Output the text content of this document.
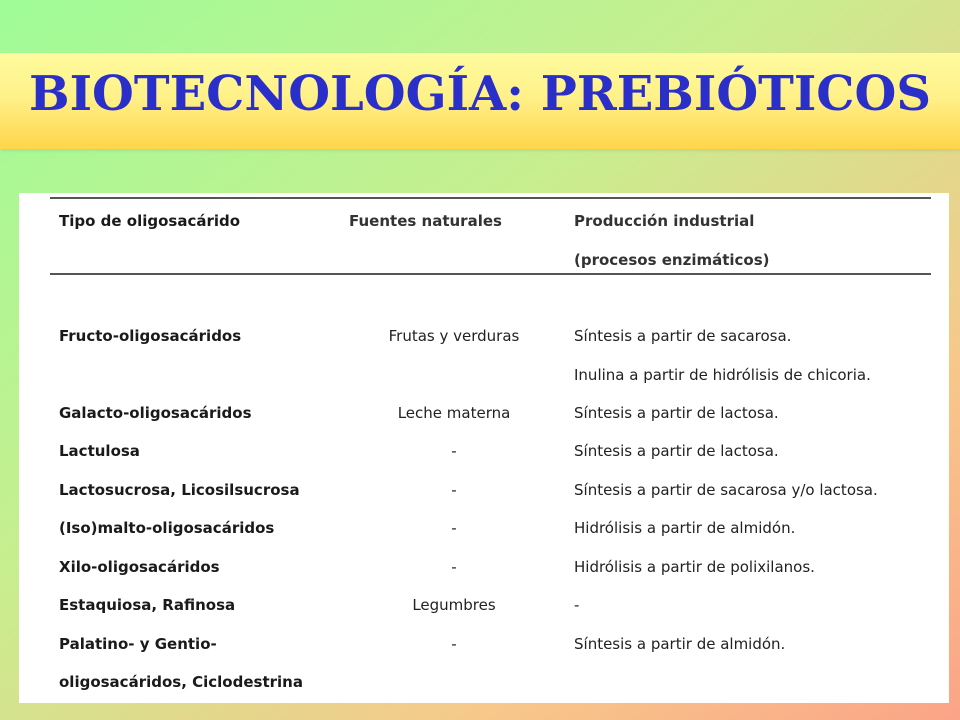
BIOTECNOLOGÍA: PREBIÓTICOS
Tipo de oligosacárido	Fuentes naturales	Producción industrial
(procesos enzimáticos)
Fructo-oligosacáridos	Frutas y verduras	Síntesis a partir de sacarosa.
Inulina a partir de hidrólisis de chicoria.
Galacto-oligosacáridos	Leche materna	Síntesis a partir de lactosa.
Lactulosa	-	Síntesis a partir de lactosa.
Lactosucrosa, Licosilsucrosa	-	Síntesis a partir de sacarosa y/o lactosa.
(Iso)malto-oligosacáridos	-	Hidrólisis a partir de almidón.
Xilo-oligosacáridos	-	Hidrólisis a partir de polixilanos.
Estaquiosa, Rafinosa	Legumbres	-
Palatino- y Gentio-	-	Síntesis a partir de almidón.
oligosacáridos, Ciclodestrina
